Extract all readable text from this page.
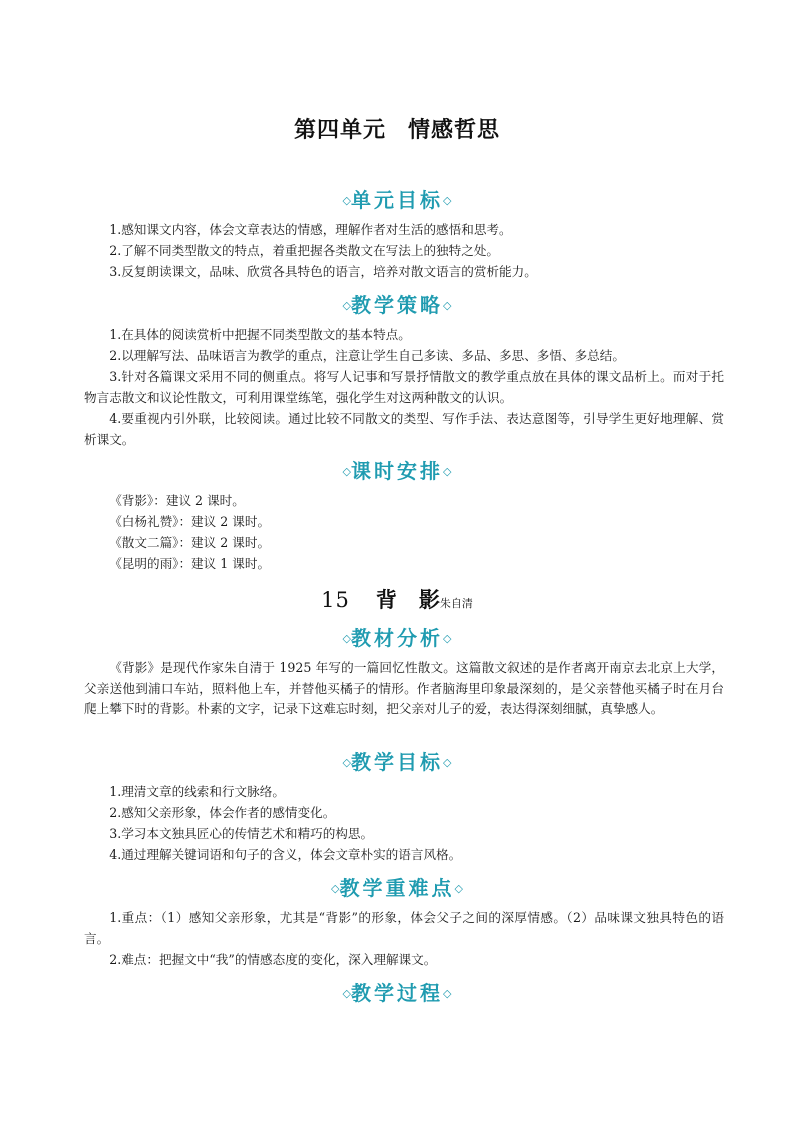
第四单元 情感哲思
◇单元目标◇

1.感知课文内容，体会文章表达的情感，理解作者对生活的感悟和思考。

2.了解不同类型散文的特点，着重把握各类散文在写法上的独特之处。

3.反复朗读课文，品味、欣赏各具特色的语言，培养对散文语言的赏析能力。

◇教学策略◇

1.在具体的阅读赏析中把握不同类型散文的基本特点。

2.以理解写法、品味语言为教学的重点，注意让学生自己多读、多品、多思、多悟、多总结。

3.针对各篇课文采用不同的侧重点。将写人记事和写景抒情散文的教学重点放在具体的课文品析上。而对于托物言志散文和议论性散文，可利用课堂练笔，强化学生对这两种散文的认识。

4.要重视内引外联，比较阅读。通过比较不同散文的类型、写作手法、表达意图等，引导学生更好地理解、赏析课文。

◇课时安排◇

《背影》：建议 2 课时。

《白杨礼赞》：建议 2 课时。

《散文二篇》：建议 2 课时。

《昆明的雨》：建议 1 课时。

15 背 影朱自清
◇教材分析◇

《背影》是现代作家朱自清于 1925 年写的一篇回忆性散文。这篇散文叙述的是作者离开南京去北京上大学，父亲送他到浦口车站，照料他上车，并替他买橘子的情形。作者脑海里印象最深刻的，是父亲替他买橘子时在月台爬上攀下时的背影。朴素的文字，记录下这难忘时刻，把父亲对儿子的爱，表达得深刻细腻，真挚感人。

◇教学目标◇

1.理清文章的线索和行文脉络。

2.感知父亲形象，体会作者的感情变化。

3.学习本文独具匠心的传情艺术和精巧的构思。

4.通过理解关键词语和句子的含义，体会文章朴实的语言风格。

◇教学重难点◇

1.重点：（1）感知父亲形象，尤其是“背影”的形象，体会父子之间的深厚情感。（2）品味课文独具特色的语言。

2.难点：把握文中“我”的情感态度的变化，深入理解课文。

◇教学过程◇
